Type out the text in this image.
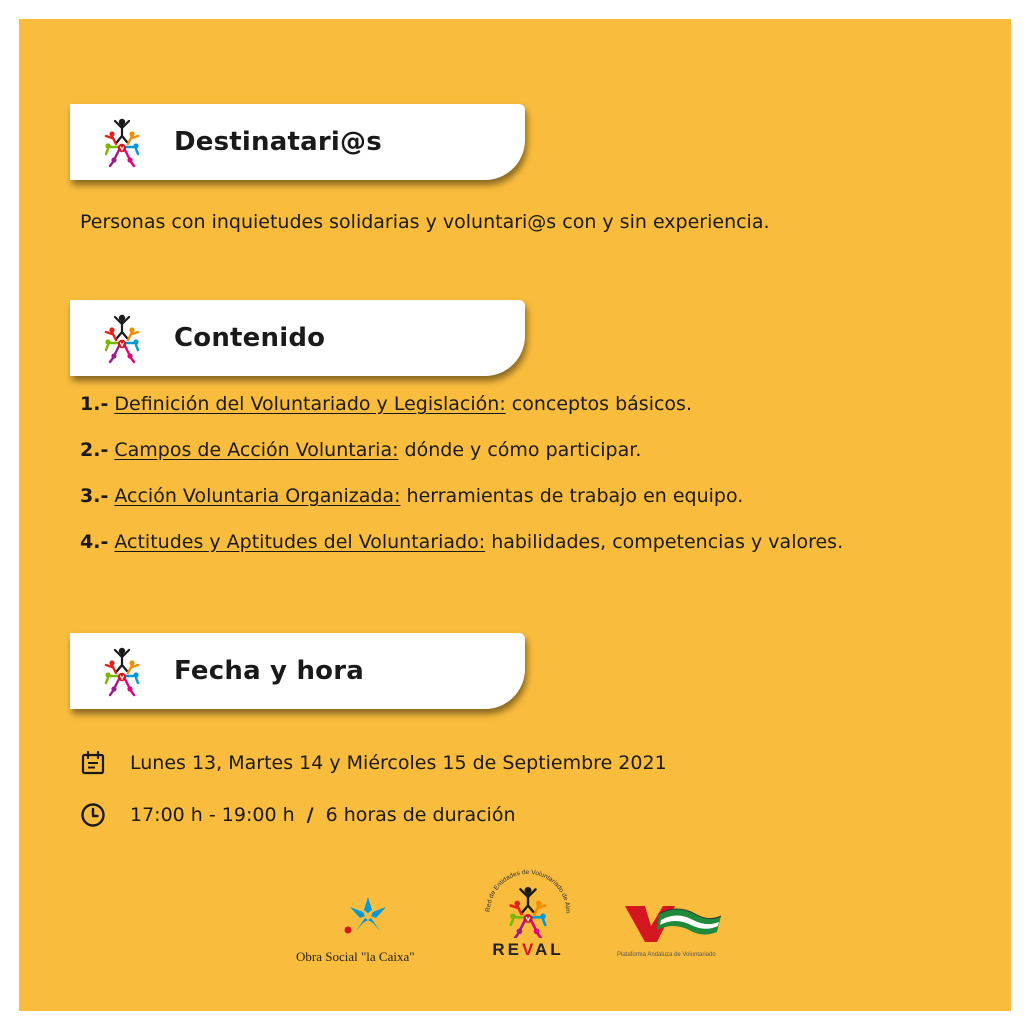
Destinatari@s
Personas con inquietudes solidarias y voluntari@s con y sin experiencia.
Contenido
1.- Definición del Voluntariado y Legislación: conceptos básicos.
2.- Campos de Acción Voluntaria: dónde y cómo participar.
3.- Acción Voluntaria Organizada: herramientas de trabajo en equipo.
4.- Actitudes y Aptitudes del Voluntariado: habilidades, competencias y valores.
Fecha y hora
Lunes 13, Martes 14 y Miércoles 15 de Septiembre 2021
17:00 h - 19:00 h / 6 horas de duración
Obra Social "la Caixa"
Red de Entidades de Voluntariado de Alm
REVAL	Plataforma Andaluza de Voluntariado
